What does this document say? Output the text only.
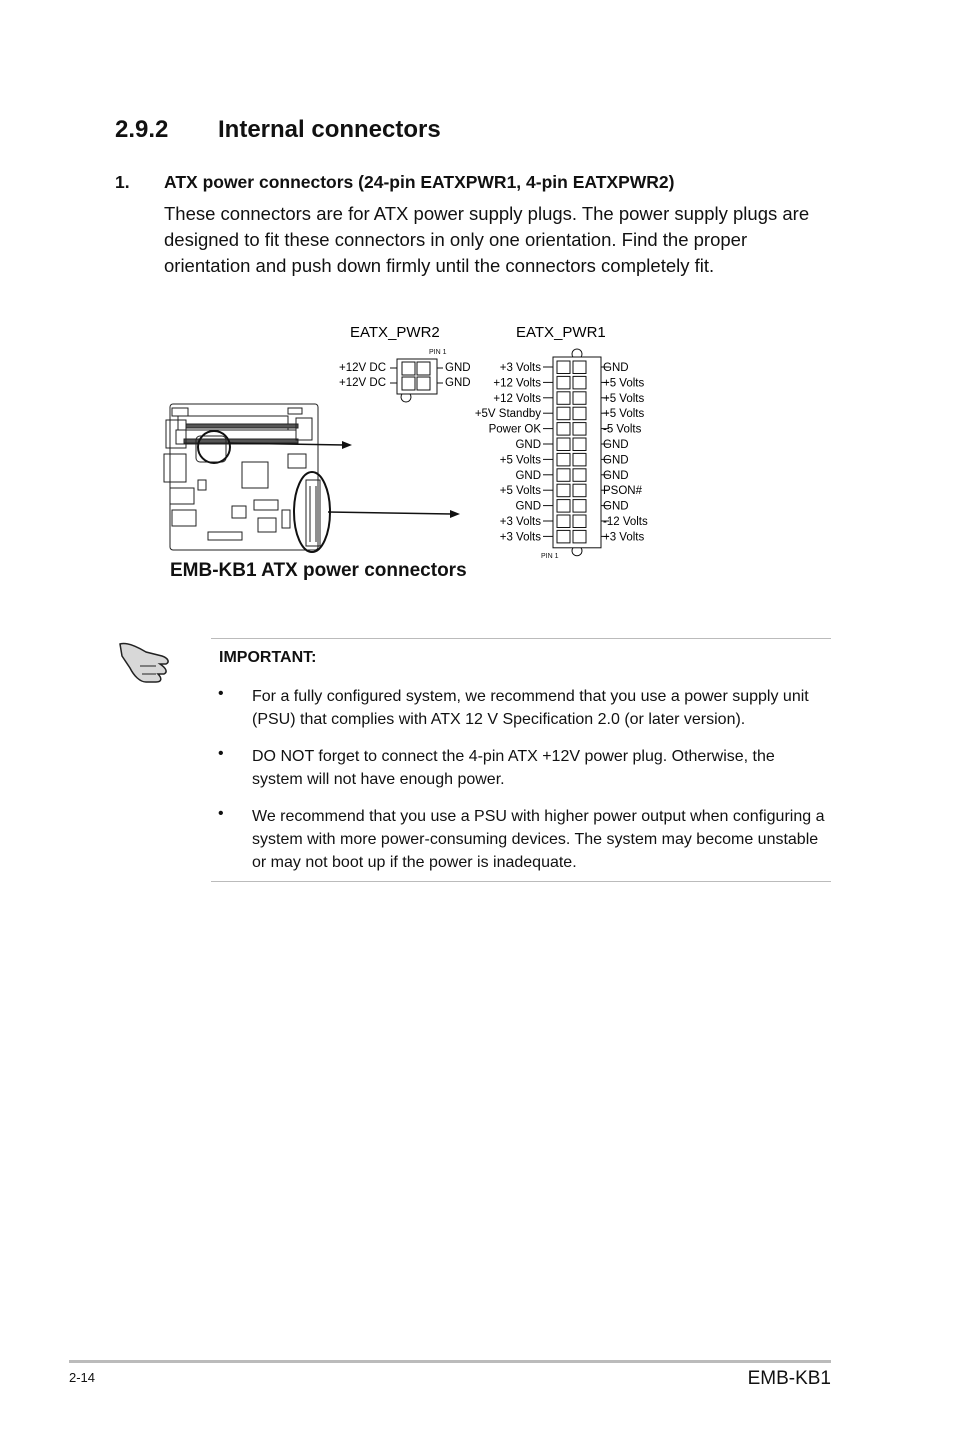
2.9.2 Internal connectors
1. ATX power connectors (24-pin EATXPWR1, 4-pin EATXPWR2)
These connectors are for ATX power supply plugs. The power supply plugs are designed to fit these connectors in only one orientation. Find the proper orientation and push down firmly until the connectors completely fit.
EATX_PWR2	EATX_PWR1
PIN 1
+12V DC
+12V DC
GND
GND
PIN 1
+3 Volts
+12 Volts
+12 Volts
+5V Standby
Power OK
GND
+5 Volts
GND
+5 Volts
GND
+3 Volts
+3 Volts
GND
+5 Volts
+5 Volts
+5 Volts
-5 Volts
GND
GND
GND
PSON#
GND
-12 Volts
+3 Volts
EMB-KB1 ATX power connectors
IMPORTANT:
• For a fully configured system, we recommend that you use a power supply unit (PSU) that complies with ATX 12 V Specification 2.0 (or later version).
• DO NOT forget to connect the 4-pin ATX +12V power plug. Otherwise, the system will not have enough power.
• We recommend that you use a PSU with higher power output when configuring a system with more power-consuming devices. The system may become unstable or may not boot up if the power is inadequate.
2-14	EMB-KB1
